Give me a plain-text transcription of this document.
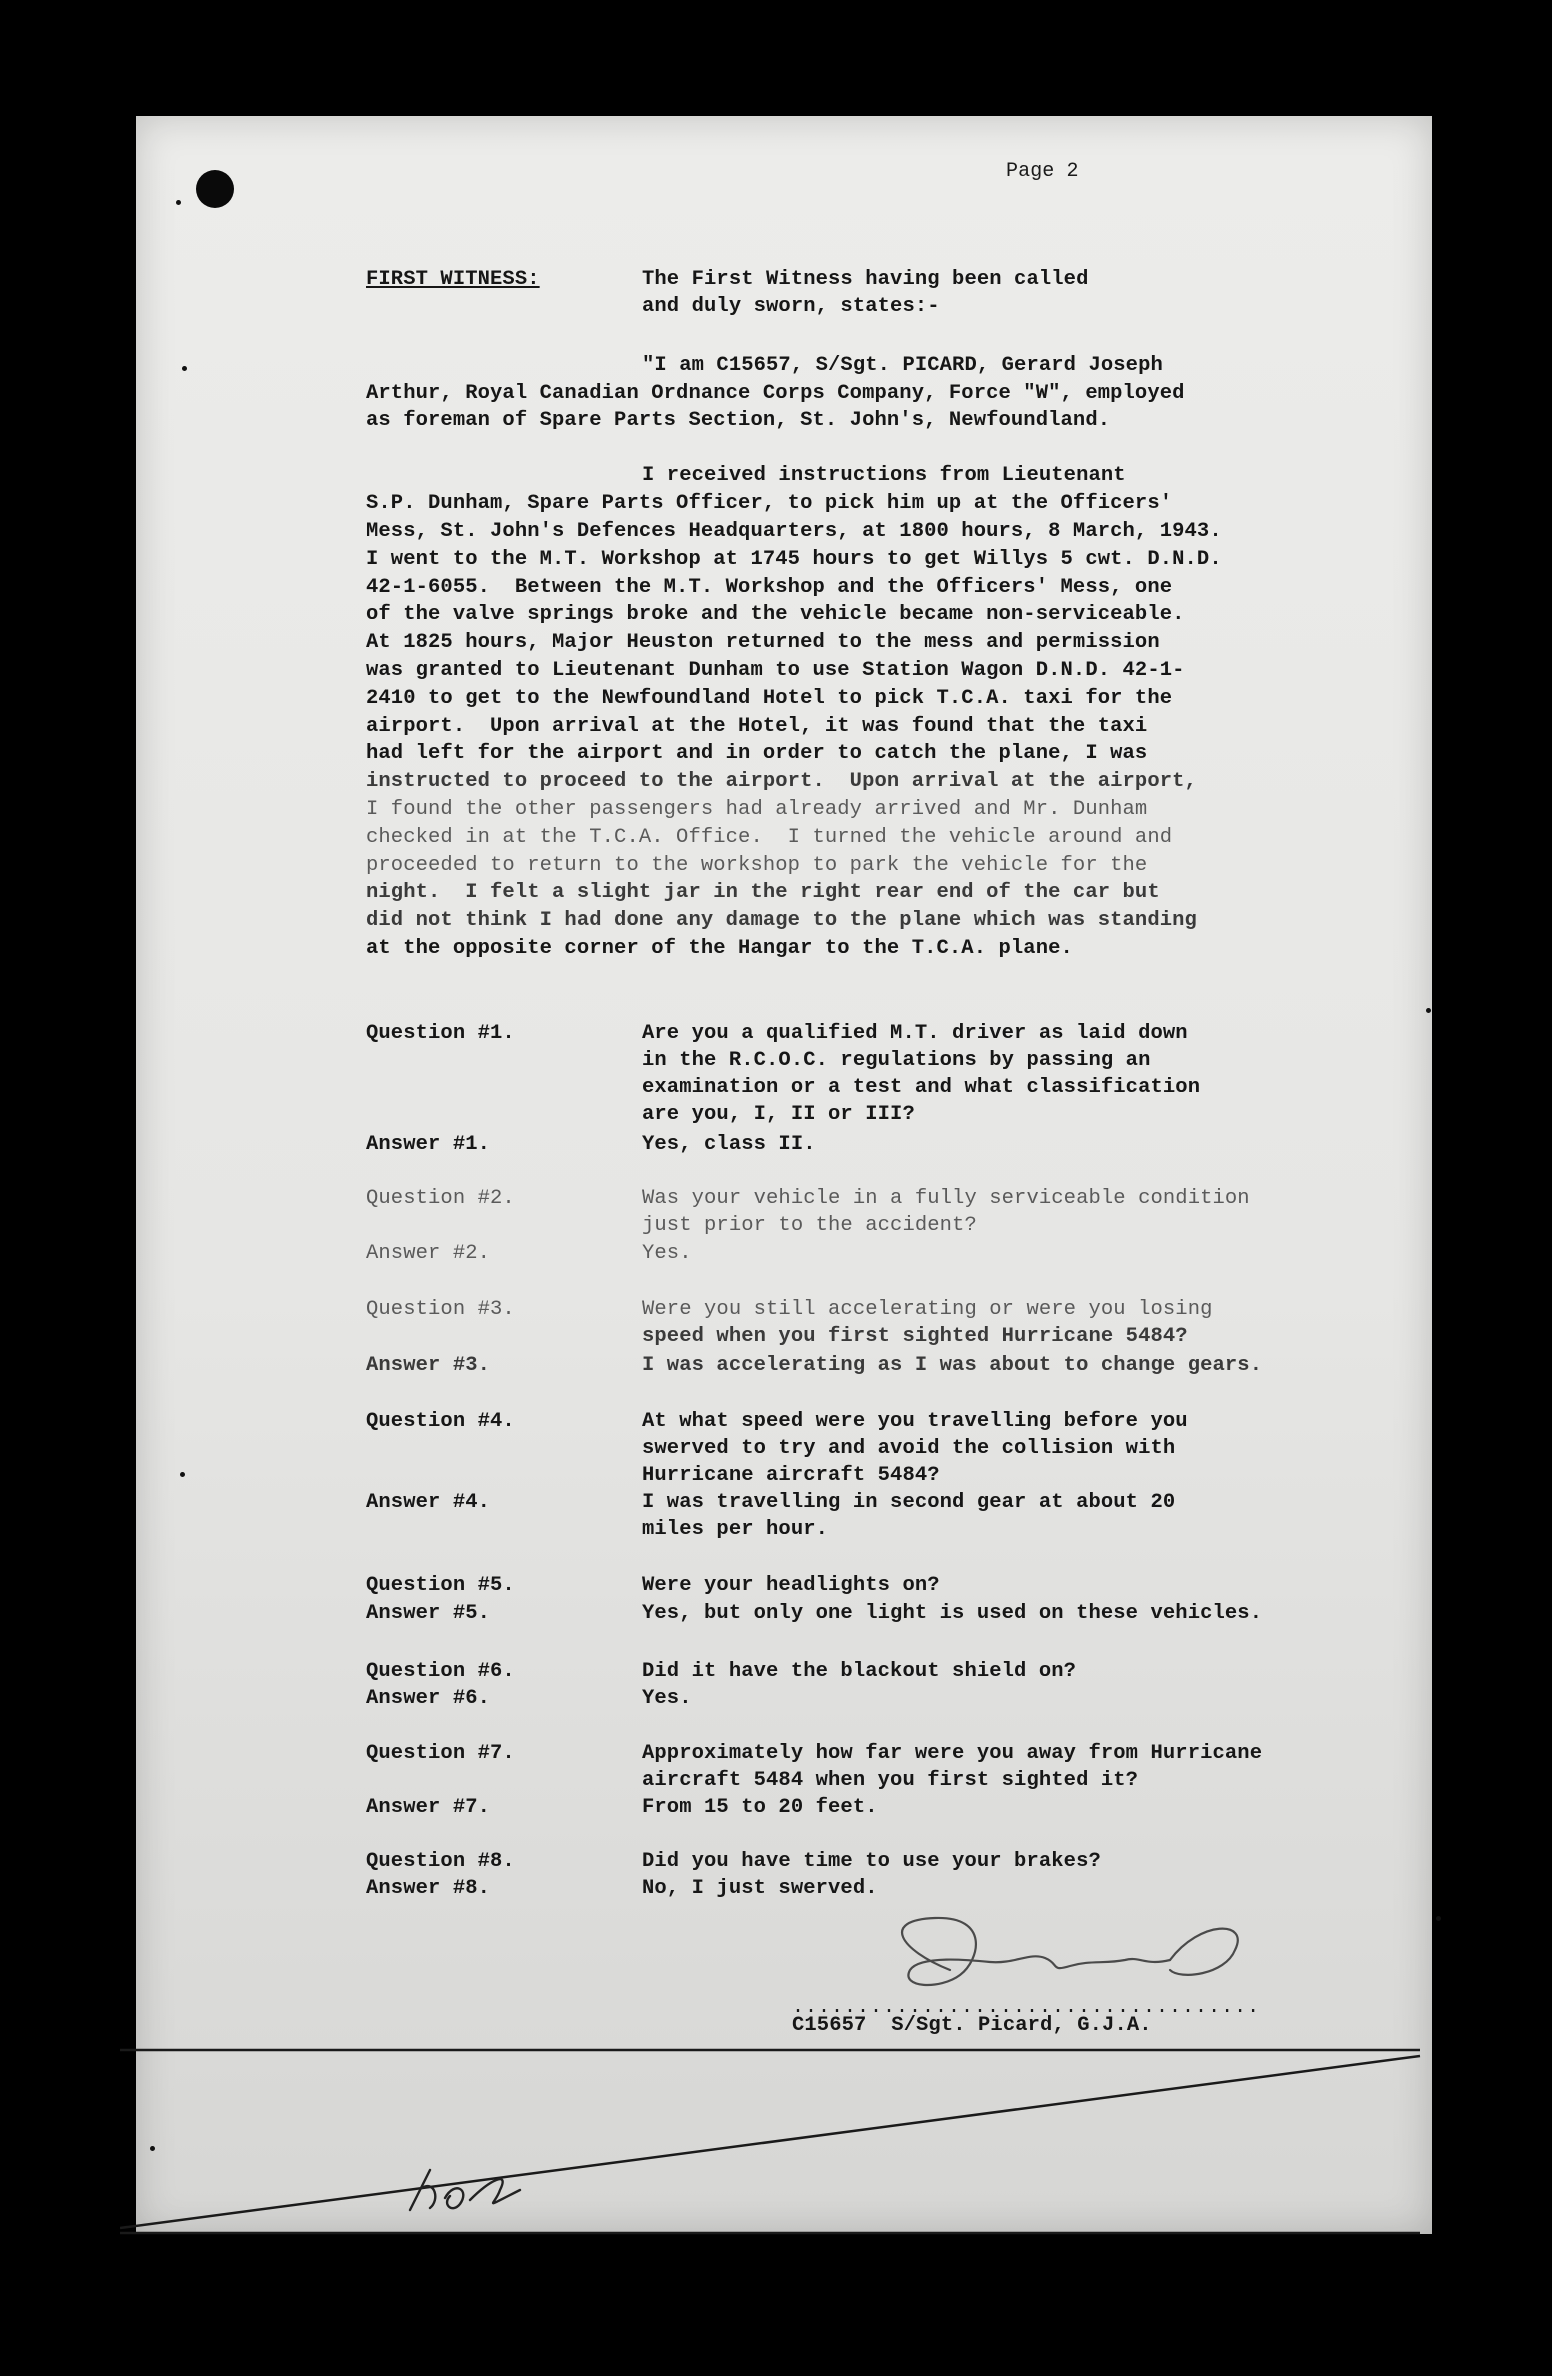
Page 2
FIRST WITNESS:	The First Witness having been called
and duly sworn, states:-
"I am C15657, S/Sgt. PICARD, Gerard Joseph
Arthur, Royal Canadian Ordnance Corps Company, Force "W", employed
as foreman of Spare Parts Section, St. John's, Newfoundland.
I received instructions from Lieutenant
S.P. Dunham, Spare Parts Officer, to pick him up at the Officers'
Mess, St. John's Defences Headquarters, at 1800 hours, 8 March, 1943.
I went to the M.T. Workshop at 1745 hours to get Willys 5 cwt. D.N.D.
42-1-6055.  Between the M.T. Workshop and the Officers' Mess, one
of the valve springs broke and the vehicle became non-serviceable.
At 1825 hours, Major Heuston returned to the mess and permission
was granted to Lieutenant Dunham to use Station Wagon D.N.D. 42-1-
2410 to get to the Newfoundland Hotel to pick T.C.A. taxi for the
airport.  Upon arrival at the Hotel, it was found that the taxi
had left for the airport and in order to catch the plane, I was
instructed to proceed to the airport.  Upon arrival at the airport,
I found the other passengers had already arrived and Mr. Dunham
checked in at the T.C.A. Office.  I turned the vehicle around and
proceeded to return to the workshop to park the vehicle for the
night.  I felt a slight jar in the right rear end of the car but
did not think I had done any damage to the plane which was standing
at the opposite corner of the Hangar to the T.C.A. plane.
Question #1.	Are you a qualified M.T. driver as laid down
in the R.C.O.C. regulations by passing an
examination or a test and what classification
are you, I, II or III?
Answer #1.	Yes, class II.
Question #2.	Was your vehicle in a fully serviceable condition
just prior to the accident?
Answer #2.	Yes.
Question #3.	Were you still accelerating or were you losing
speed when you first sighted Hurricane 5484?
Answer #3.	I was accelerating as I was about to change gears.
Question #4.	At what speed were you travelling before you
swerved to try and avoid the collision with
Hurricane aircraft 5484?
Answer #4.	I was travelling in second gear at about 20
miles per hour.
Question #5.	Were your headlights on?
Answer #5.	Yes, but only one light is used on these vehicles.
Question #6.	Did it have the blackout shield on?
Answer #6.	Yes.
Question #7.	Approximately how far were you away from Hurricane
aircraft 5484 when you first sighted it?
Answer #7.	From 15 to 20 feet.
Question #8.	Did you have time to use your brakes?
Answer #8.	No, I just swerved.
....................................
C15657  S/Sgt. Picard, G.J.A.
